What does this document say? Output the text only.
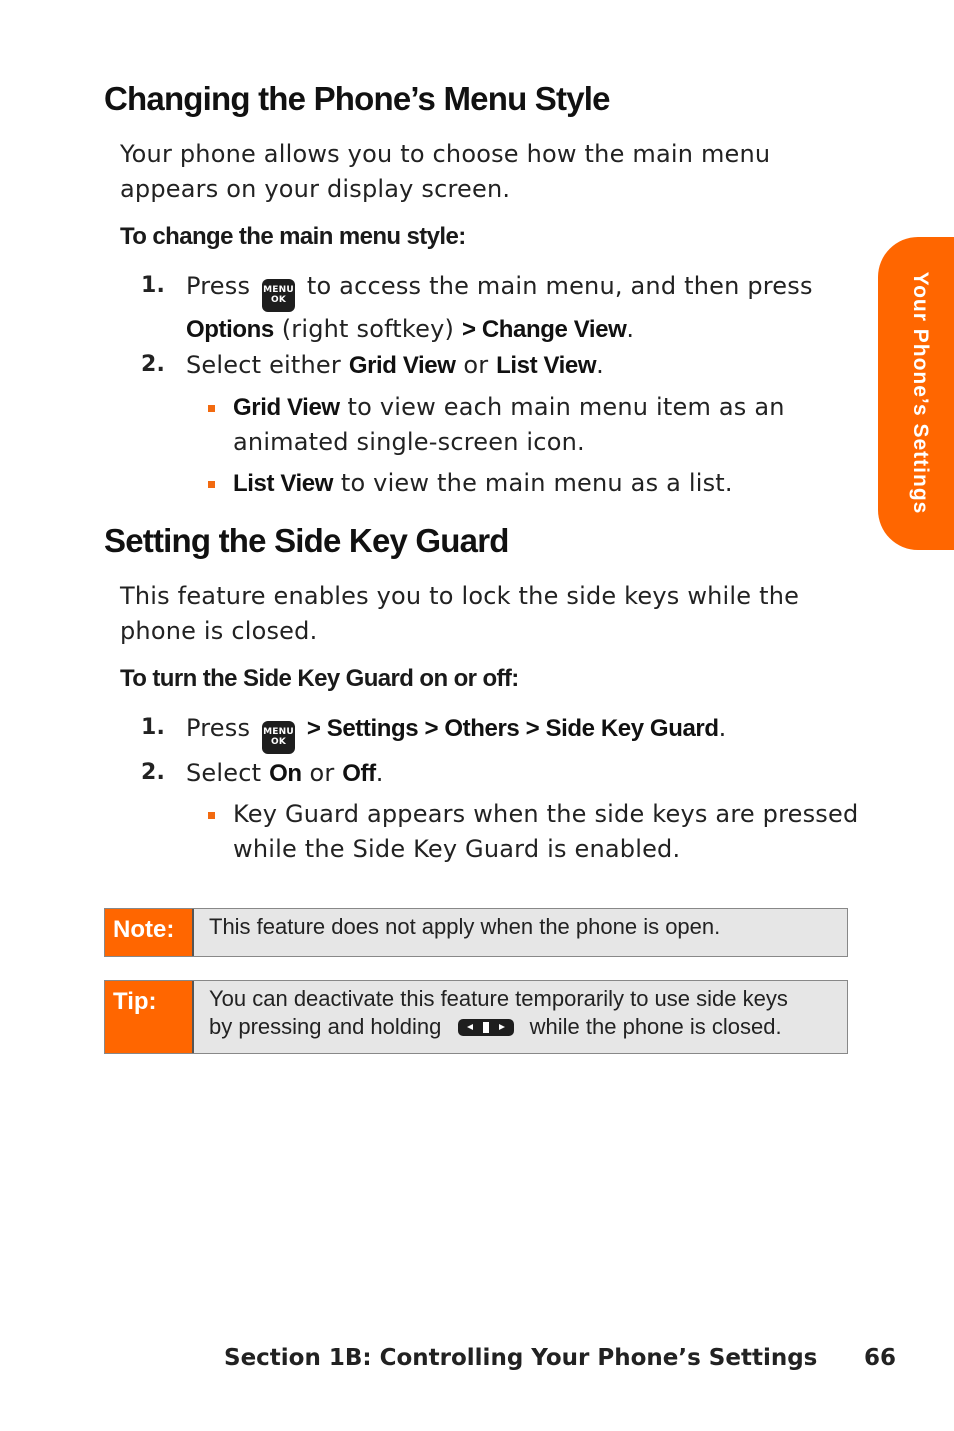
Your Phone’s Settings
Changing the Phone’s Menu Style

Your phone allows you to choose how the main menu appears on your display screen.

To change the main menu style:

1. Press MENU
OK to access the main menu, and then press
Options (right softkey) > Change View.
2. Select either Grid View or List View.
Grid View to view each main menu item as an animated single-screen icon.
List View to view the main menu as a list.
Setting the Side Key Guard

This feature enables you to lock the side keys while the phone is closed.

To turn the Side Key Guard on or off:

1. Press MENU
OK > Settings > Others > Side Key Guard.
2. Select On or Off.
Key Guard appears when the side keys are pressed while the Side Key Guard is enabled.
Note:	This feature does not apply when the phone is open.
Tip:	You can deactivate this feature temporarily to use side keys
by pressing and holding	while the phone is closed.
Section 1B: Controlling Your Phone’s Settings 66
